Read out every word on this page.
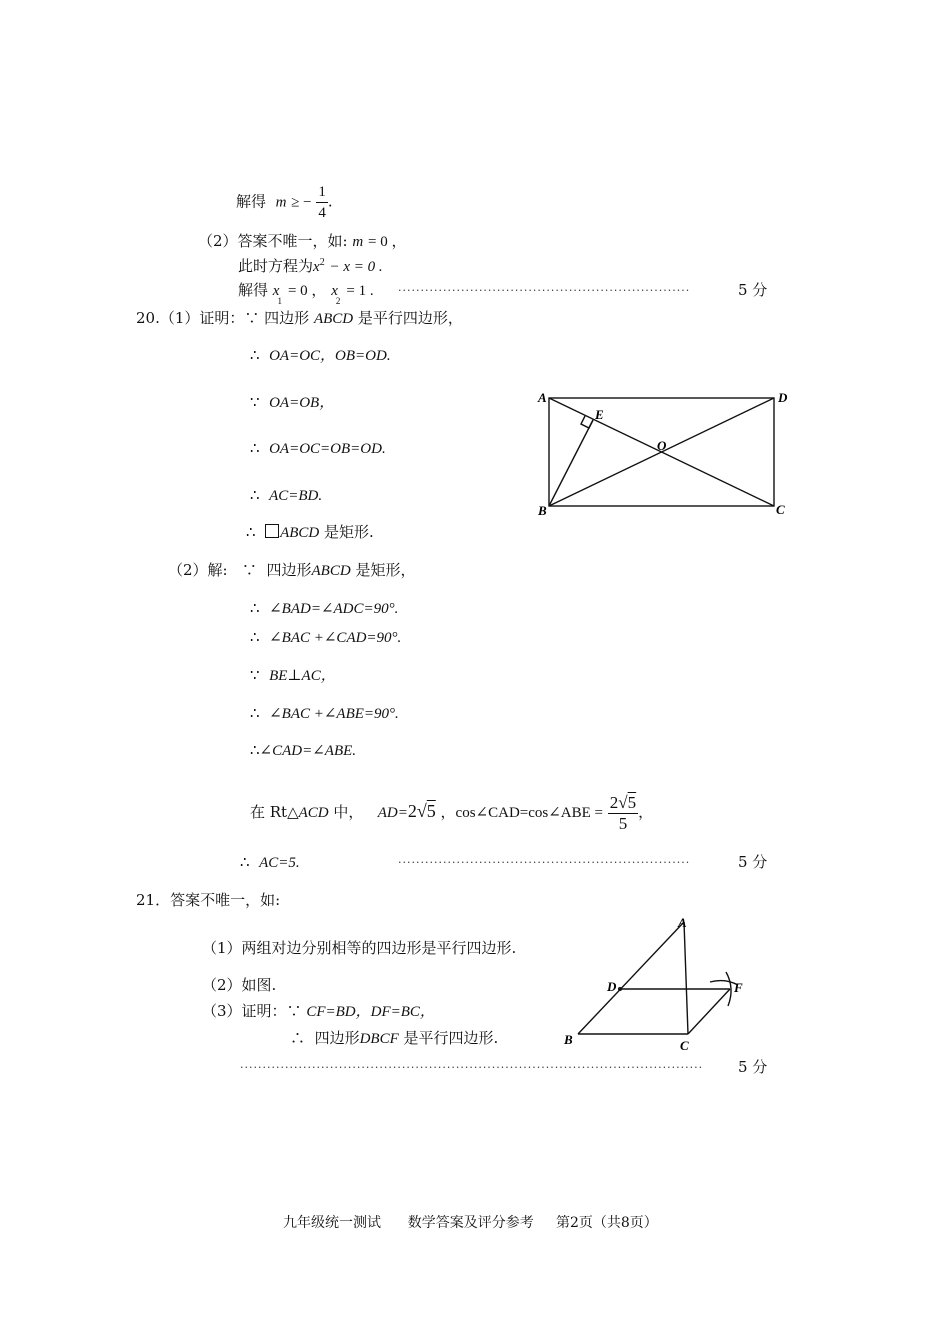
解得 m ≥ − $\frac{1}{4}$ .
（2）答案不唯一，如: m = 0 ，
此时方程为$x^2 - x = 0$ .
解得 $x_1= 0$ ， $x_2= 1$ . ·································································	5 分
20.（1）证明：∵ 四边形 ABCD 是平行四边形，
∴ OA=OC，OB=OD.
∵ OA=OB，
∴ OA=OC=OB=OD.
∴ AC=BD.
∴ ABCD 是矩形.
A	D
B	C
E
O
（2）解: ∵ 四边形ABCD 是矩形，
∴ ∠BAD=∠ADC=90°.
∴ ∠BAC +∠CAD=90°.
∵ BE⊥AC，
∴ ∠BAC +∠ABE=90°.
∴∠CAD=∠ABE.
在 Rt△ACD 中， AD=2√5 ，cos∠CAD=cos∠ABE = $\frac{2√5}{5}$ ，
∴ AC=5.	·································································	5 分
21．答案不唯一，如:
（1）两组对边分别相等的四边形是平行四边形.
（2）如图.
（3）证明：∵ CF=BD，DF=BC，
∴ 四边形DBCF 是平行四边形.
······································································································· 5 分
A
D	F
B	C
九年级统一测试 数学答案及评分参考 第2页（共8页）
